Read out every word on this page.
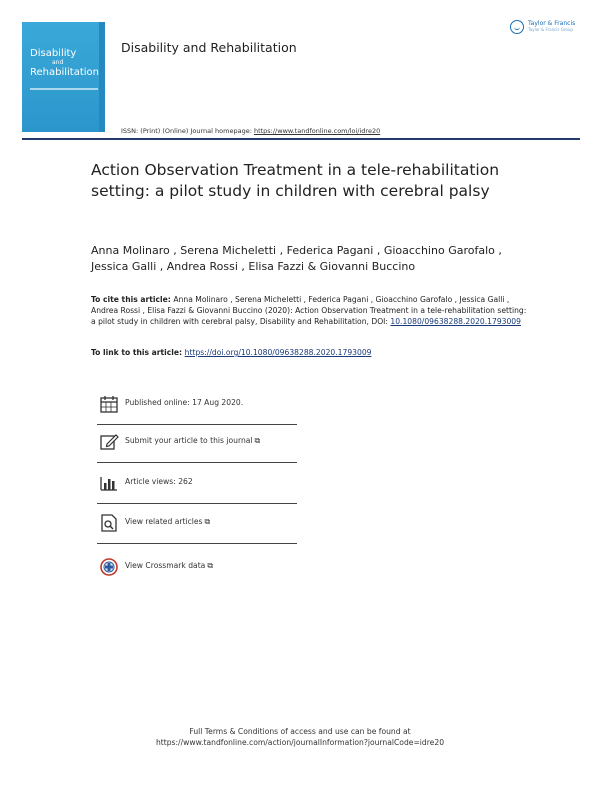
Disability
and
Rehabilitation
Disability and Rehabilitation
Taylor & Francis
Taylor & Francis Group
ISSN: (Print) (Online) Journal homepage: https://www.tandfonline.com/loi/idre20
Action Observation Treatment in a tele-rehabilitation setting: a pilot study in children with cerebral palsy
Anna Molinaro , Serena Micheletti , Federica Pagani , Gioacchino Garofalo , Jessica Galli , Andrea Rossi , Elisa Fazzi & Giovanni Buccino
To cite this article: Anna Molinaro , Serena Micheletti , Federica Pagani , Gioacchino Garofalo , Jessica Galli , Andrea Rossi , Elisa Fazzi & Giovanni Buccino (2020): Action Observation Treatment in a tele-rehabilitation setting: a pilot study in children with cerebral palsy, Disability and Rehabilitation, DOI: 10.1080/09638288.2020.1793009
To link to this article: https://doi.org/10.1080/09638288.2020.1793009
Published online: 17 Aug 2020.
Submit your article to this journal ⧉
Article views: 262
View related articles ⧉
View Crossmark data ⧉
Full Terms & Conditions of access and use can be found at
https://www.tandfonline.com/action/journalInformation?journalCode=idre20
